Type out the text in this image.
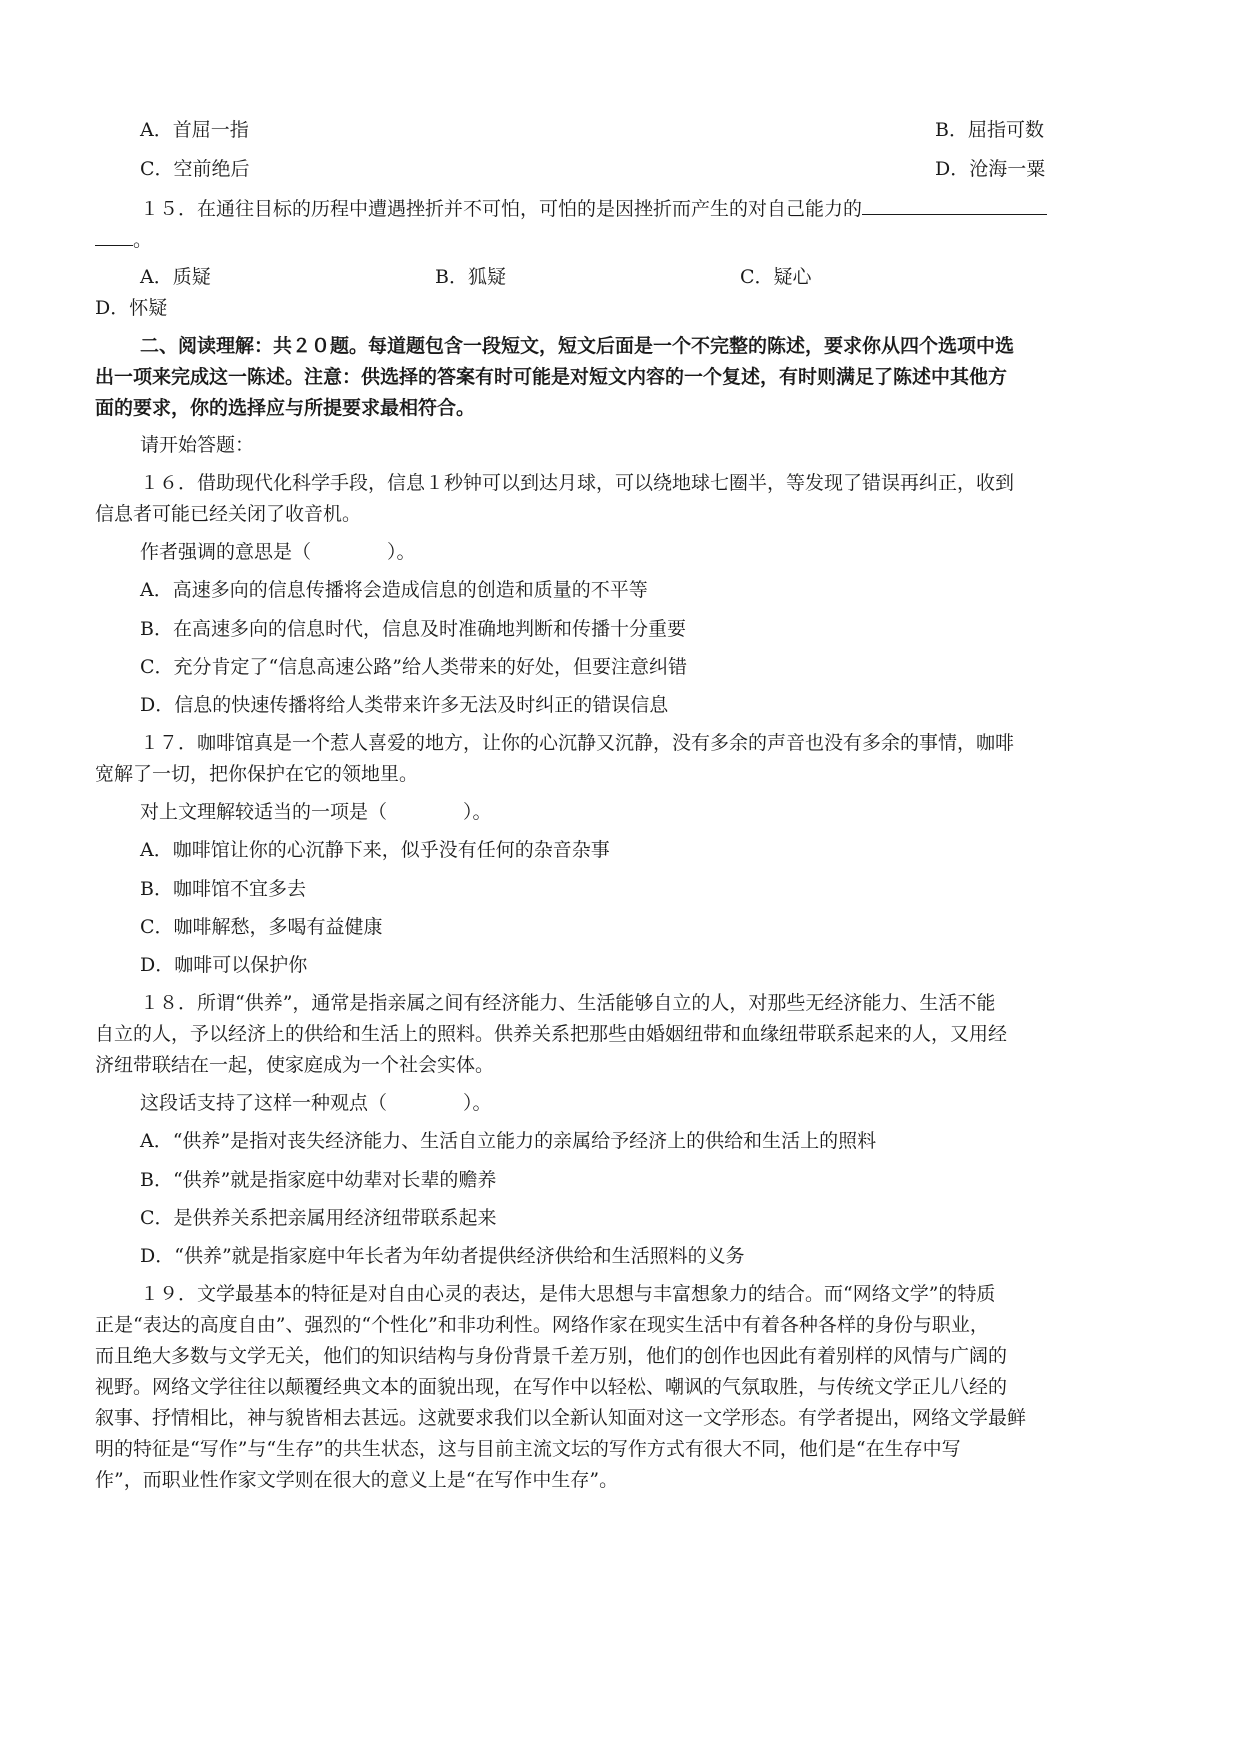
A．首屈一指	B．屈指可数
C．空前绝后	D．沧海一粟
１５．在通往目标的历程中遭遇挫折并不可怕，可怕的是因挫折而产生的对自己能力的
。
A．质疑	B．狐疑	C．疑心
D．怀疑
二、阅读理解：共２０题。每道题包含一段短文，短文后面是一个不完整的陈述，要求你从四个选项中选
出一项来完成这一陈述。注意：供选择的答案有时可能是对短文内容的一个复述，有时则满足了陈述中其他方
面的要求，你的选择应与所提要求最相符合。
请开始答题：
１６．借助现代化科学手段，信息１秒钟可以到达月球，可以绕地球七圈半，等发现了错误再纠正，收到
信息者可能已经关闭了收音机。
作者强调的意思是（　　　　）。
A．高速多向的信息传播将会造成信息的创造和质量的不平等
B．在高速多向的信息时代，信息及时准确地判断和传播十分重要
C．充分肯定了“信息高速公路”给人类带来的好处，但要注意纠错
D．信息的快速传播将给人类带来许多无法及时纠正的错误信息
１７．咖啡馆真是一个惹人喜爱的地方，让你的心沉静又沉静，没有多余的声音也没有多余的事情，咖啡
宽解了一切，把你保护在它的领地里。
对上文理解较适当的一项是（　　　　）。
A．咖啡馆让你的心沉静下来，似乎没有任何的杂音杂事
B．咖啡馆不宜多去
C．咖啡解愁，多喝有益健康
D．咖啡可以保护你
１８．所谓“供养”，通常是指亲属之间有经济能力、生活能够自立的人，对那些无经济能力、生活不能
自立的人，予以经济上的供给和生活上的照料。供养关系把那些由婚姻纽带和血缘纽带联系起来的人，又用经
济纽带联结在一起，使家庭成为一个社会实体。
这段话支持了这样一种观点（　　　　）。
A．“供养”是指对丧失经济能力、生活自立能力的亲属给予经济上的供给和生活上的照料
B．“供养”就是指家庭中幼辈对长辈的赡养
C．是供养关系把亲属用经济纽带联系起来
D．“供养”就是指家庭中年长者为年幼者提供经济供给和生活照料的义务
１９．文学最基本的特征是对自由心灵的表达，是伟大思想与丰富想象力的结合。而“网络文学”的特质
正是“表达的高度自由”、强烈的“个性化”和非功利性。网络作家在现实生活中有着各种各样的身份与职业，
而且绝大多数与文学无关，他们的知识结构与身份背景千差万别，他们的创作也因此有着别样的风情与广阔的
视野。网络文学往往以颠覆经典文本的面貌出现，在写作中以轻松、嘲讽的气氛取胜，与传统文学正儿八经的
叙事、抒情相比，神与貌皆相去甚远。这就要求我们以全新认知面对这一文学形态。有学者提出，网络文学最鲜
明的特征是“写作”与“生存”的共生状态，这与目前主流文坛的写作方式有很大不同，他们是“在生存中写
作”，而职业性作家文学则在很大的意义上是“在写作中生存”。
